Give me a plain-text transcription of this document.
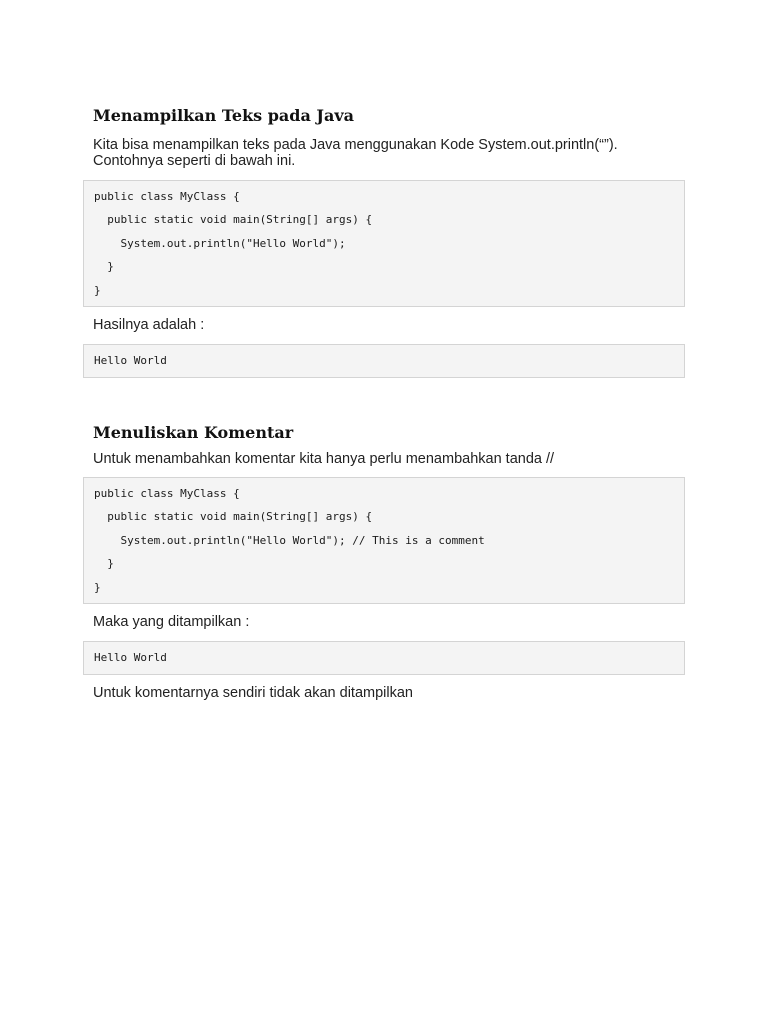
Menampilkan Teks pada Java

Kita bisa menampilkan teks pada Java menggunakan Kode System.out.println(“”).

Contohnya seperti di bawah ini.

public class MyClass {
public static void main(String[] args) {
System.out.println("Hello World");
}
}

Hasilnya adalah :

Hello World
Menuliskan Komentar

Untuk menambahkan komentar kita hanya perlu menambahkan tanda //

public class MyClass {
public static void main(String[] args) {
System.out.println("Hello World"); // This is a comment
}
}

Maka yang ditampilkan :

Hello World

Untuk komentarnya sendiri tidak akan ditampilkan
